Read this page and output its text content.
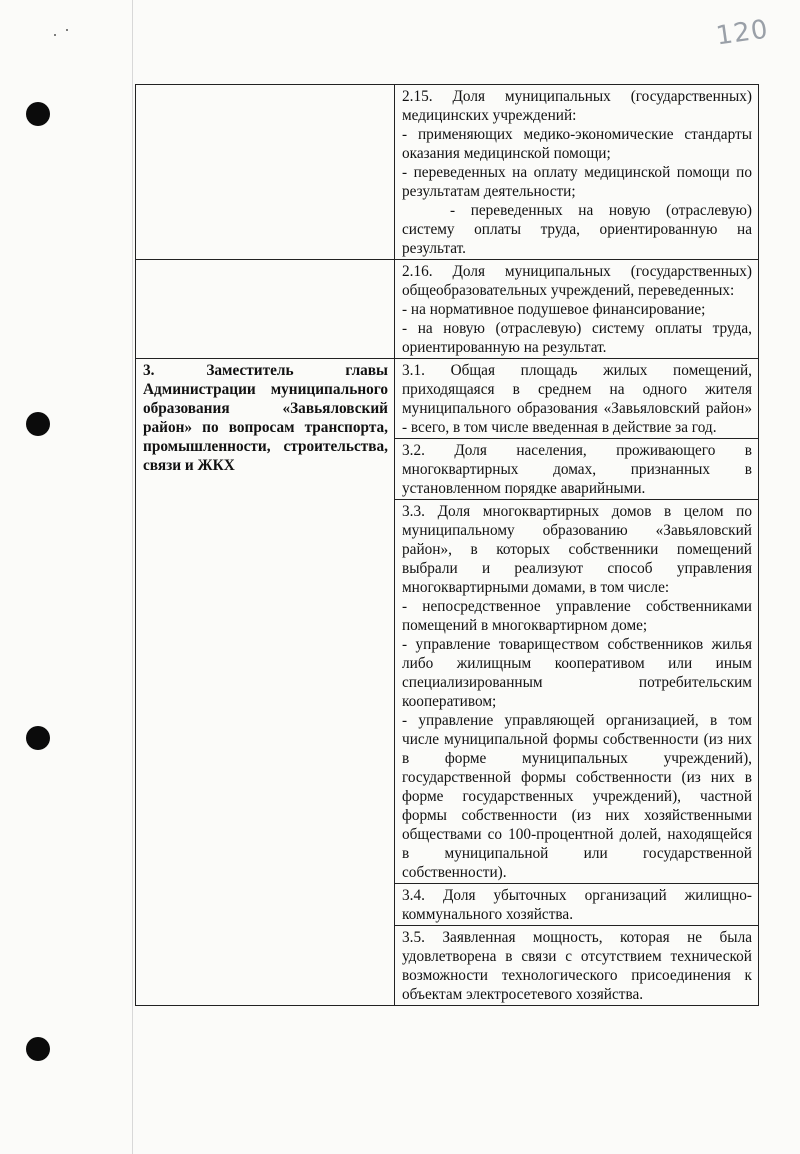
120

	2.15. Доля муниципальных (государственных) медицинских учреждений:
- применяющих медико-экономические стандарты оказания медицинской помощи;
- переведенных на оплату медицинской помощи по результатам деятельности;
- переведенных на новую (отраслевую) систему оплаты труда, ориентированную на результат.

	2.16. Доля муниципальных (государственных) общеобразовательных учреждений, переведенных:
- на нормативное подушевое финансирование;
- на новую (отраслевую) систему оплаты труда, ориентированную на результат.

3. Заместитель главы Администрации муниципального образования «Завьяловский район» по вопросам транспорта, промышленности, строительства, связи и ЖКХ	3.1. Общая площадь жилых помещений, приходящаяся в среднем на одного жителя муниципального образования «Завьяловский район» - всего, в том числе введенная в действие за год.

	3.2. Доля населения, проживающего в многоквартирных домах, признанных в установленном порядке аварийными.

	3.3. Доля многоквартирных домов в целом по муниципальному образованию «Завьяловский район», в которых собственники помещений выбрали и реализуют способ управления многоквартирными домами, в том числе:
- непосредственное управление собственниками помещений в многоквартирном доме;
- управление товариществом собственников жилья либо жилищным кооперативом или иным специализированным потребительским кооперативом;
- управление управляющей организацией, в том числе муниципальной формы собственности (из них в форме муниципальных учреждений), государственной формы собственности (из них в форме государственных учреждений), частной формы собственности (из них хозяйственными обществами со 100-процентной долей, находящейся в муниципальной или государственной собственности).

	3.4. Доля убыточных организаций жилищно-коммунального хозяйства.

	3.5. Заявленная мощность, которая не была удовлетворена в связи с отсутствием технической возможности технологического присоединения к объектам электросетевого хозяйства.
